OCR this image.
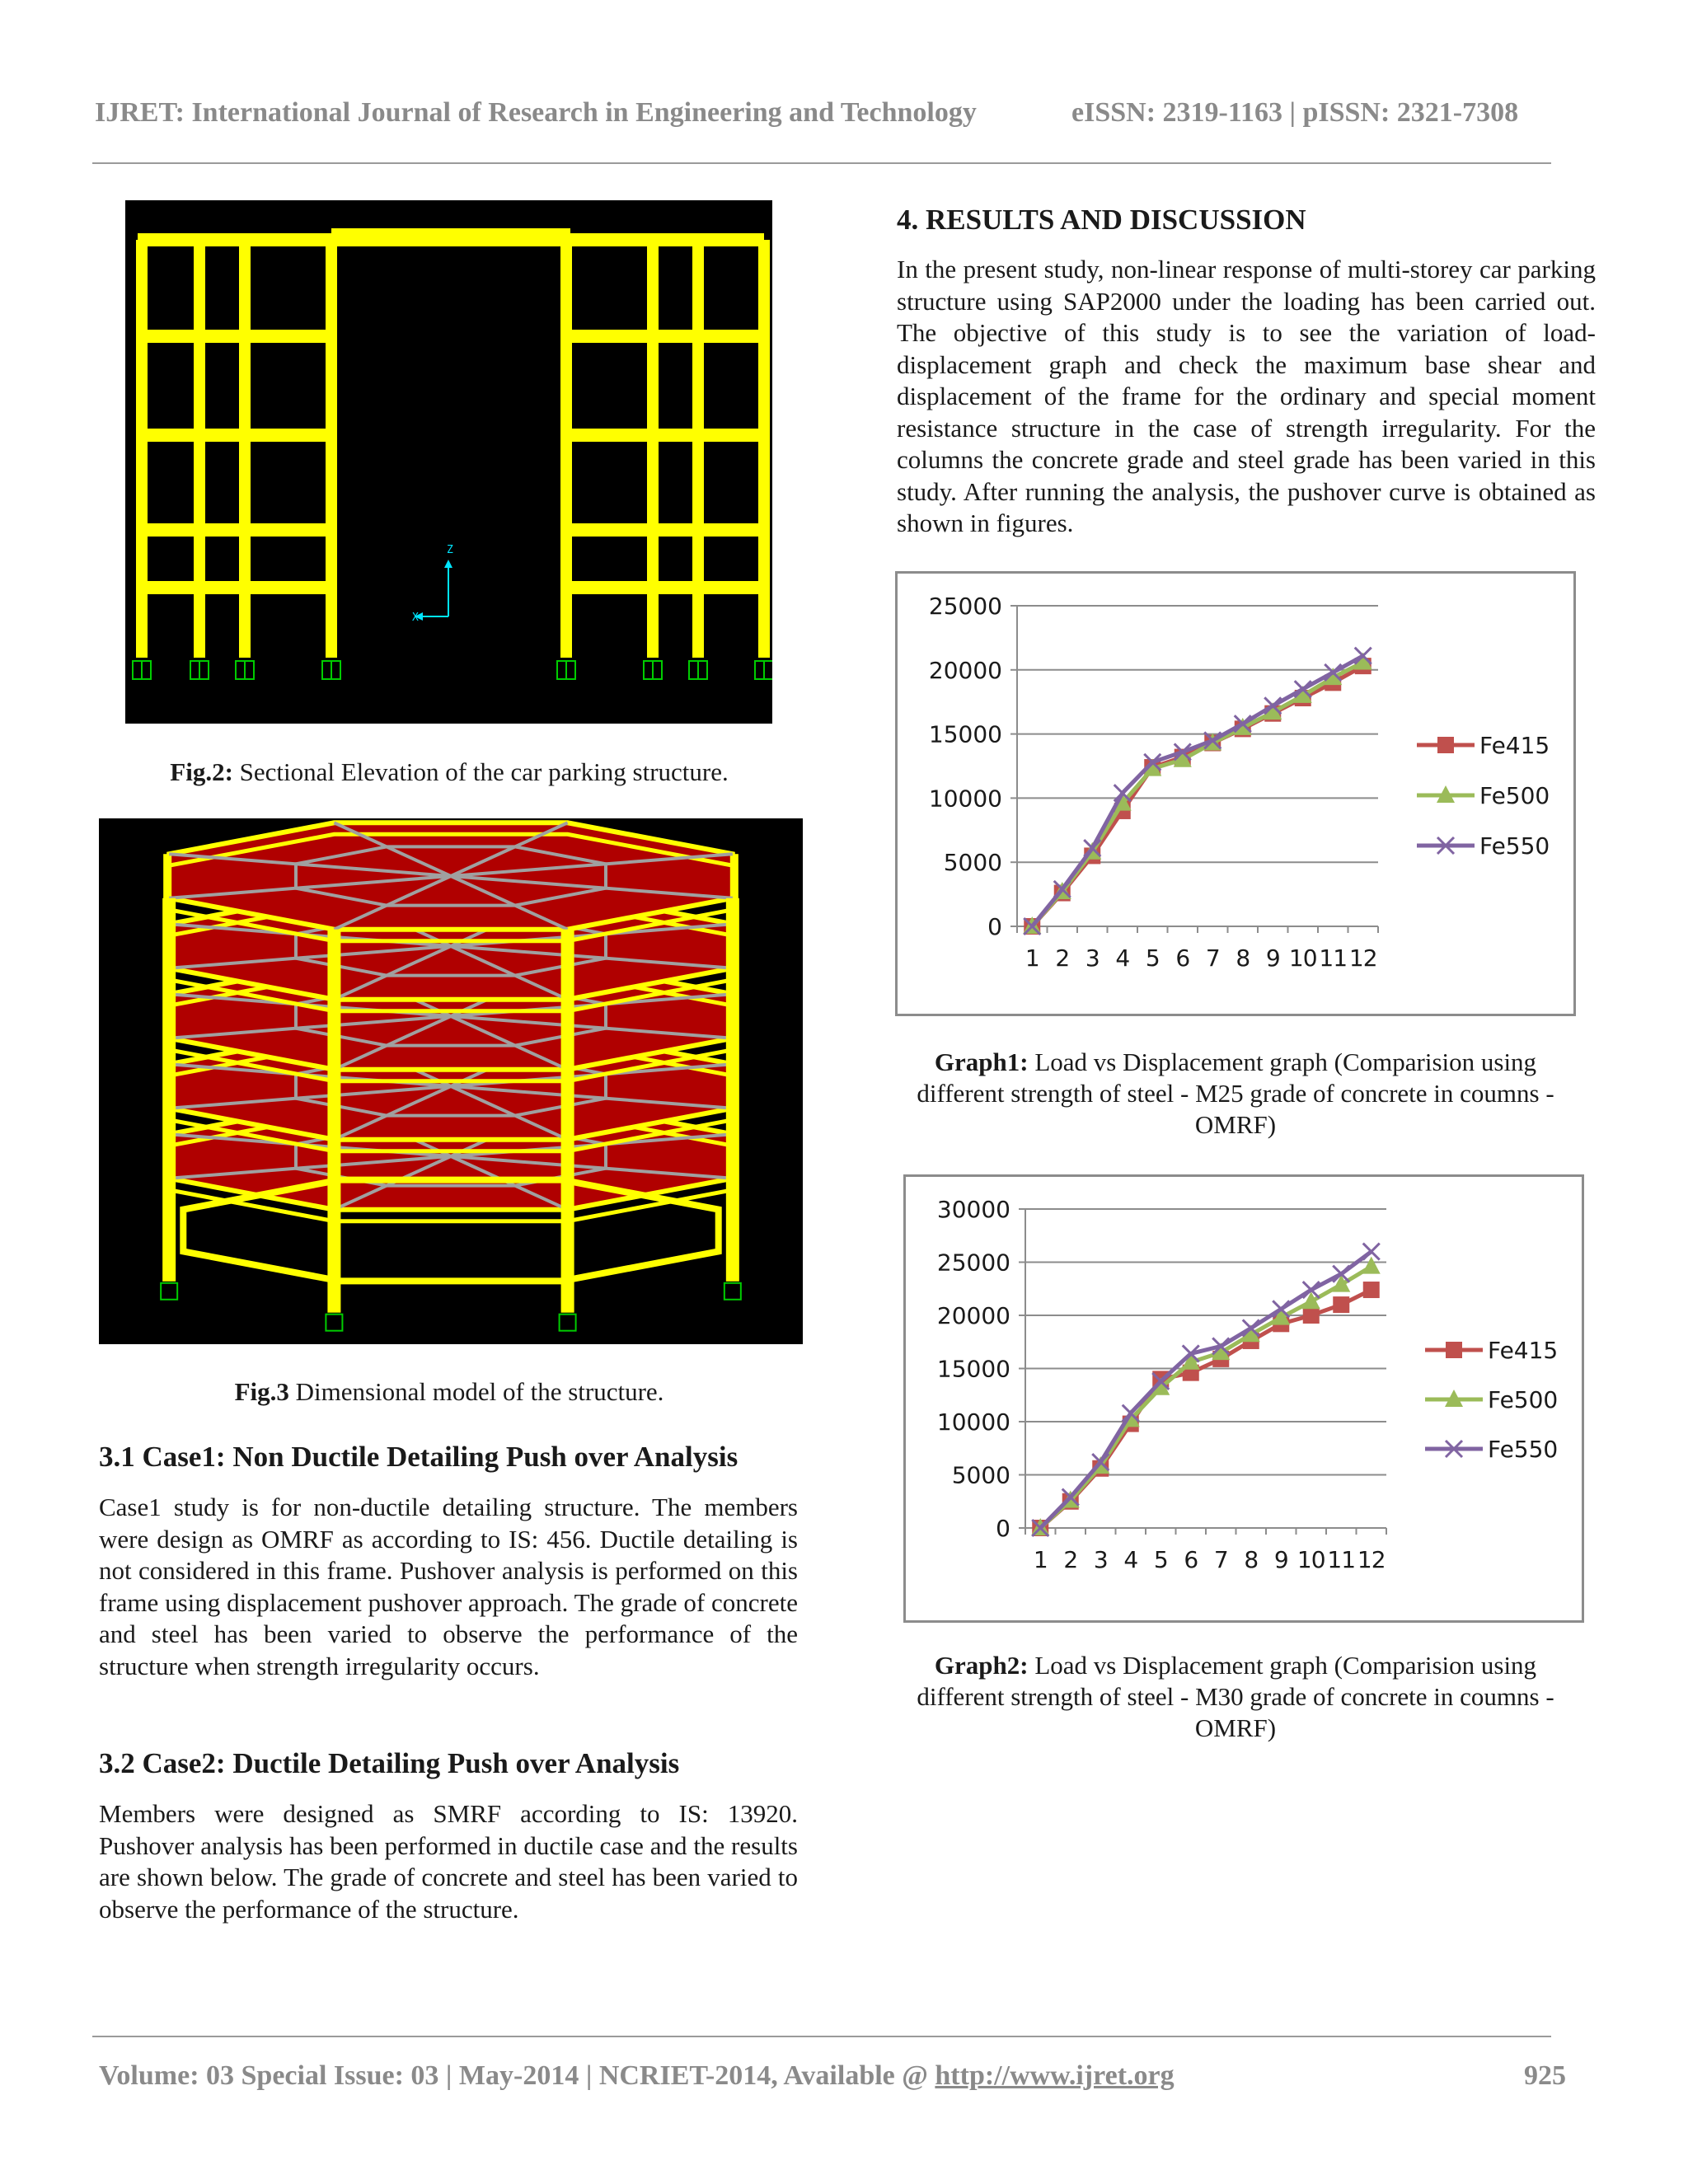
IJRET: International Journal of Research in Engineering and Technology	eISSN: 2319-1163 | pISSN: 2321-7308
Z
X
Fig.2: Sectional Elevation of the car parking structure.
Fig.3 Dimensional model of the structure.
3.1 Case1: Non Ductile Detailing Push over Analysis
Case1 study is for non-ductile detailing structure. The members were design as OMRF as according to IS: 456. Ductile detailing is not considered in this frame. Pushover analysis is performed on this frame using displacement pushover approach. The grade of concrete and steel has been varied to observe the performance of the structure when strength irregularity occurs.
3.2 Case2: Ductile Detailing Push over Analysis
Members were designed as SMRF according to IS: 13920. Pushover analysis has been performed in ductile case and the results are shown below. The grade of concrete and steel has been varied to observe the performance of the structure.
4. RESULTS AND DISCUSSION
In the present study, non-linear response of multi-storey car parking structure using SAP2000 under the loading has been carried out. The objective of this study is to see the variation of load- displacement graph and check the maximum base shear and displacement of the frame for the ordinary and special moment resistance structure in the case of strength irregularity. For the columns the concrete grade and steel grade has been varied in this study. After running the analysis, the pushover curve is obtained as shown in figures.
0
5000
10000
15000
20000
25000
1 2 3 4 5 6 7 8 9 10 11 12
Fe415
Fe500
Fe550
Graph1: Load vs Displacement graph (Comparision using different strength of steel - M25 grade of concrete in coumns - OMRF)
0
5000
10000
15000
20000
25000
30000
1 2 3 4 5 6 7 8 9 10 11 12
Fe415
Fe500
Fe550
Graph2: Load vs Displacement graph (Comparision using different strength of steel - M30 grade of concrete in coumns - OMRF)
Volume: 03 Special Issue: 03 | May-2014 | NCRIET-2014, Available @ http://www.ijret.org	925
